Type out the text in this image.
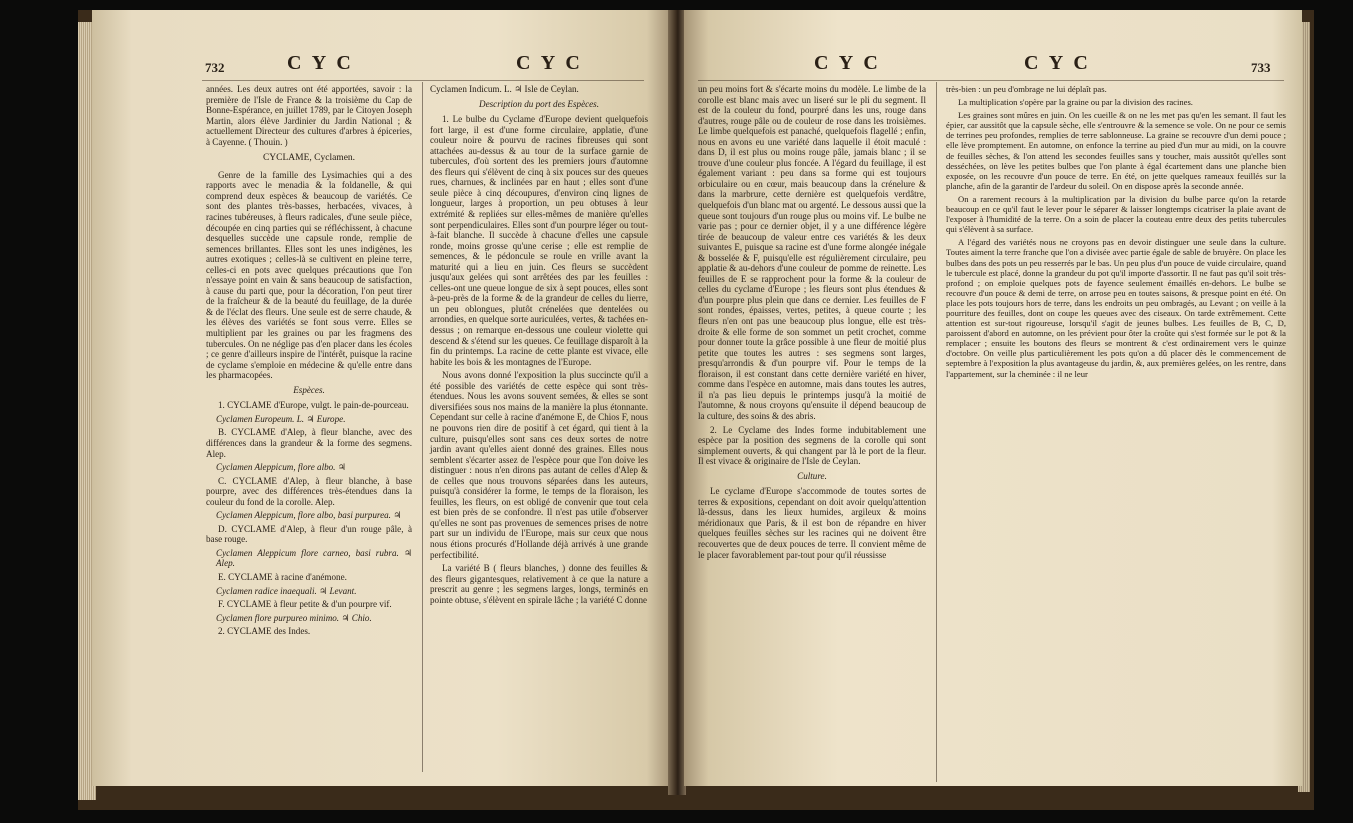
732	C Y C	C Y C

années. Les deux autres ont été apportées, savoir : la première de l'Isle de France & la troisième du Cap de Bonne-Espérance, en juillet 1789, par le Citoyen Joseph Martin, alors élève Jardinier du Jardin National ; & actuellement Directeur des cultures d'arbres à épiceries, à Cayenne. ( Thouin. )

CYCLAME, Cyclamen.

Genre de la famille des Lysimachies qui a des rapports avec le menadia & la foldanelle, & qui comprend deux espèces & beaucoup de variétés. Ce sont des plantes très-basses, herbacées, vivaces, à racines tubéreuses, à fleurs radicales, d'une seule pièce, découpée en cinq parties qui se réfléchissent, à chacune desquelles succède une capsule ronde, remplie de semences brillantes. Elles sont les unes indigènes, les autres exotiques ; celles-là se cultivent en pleine terre, celles-ci en pots avec quelques précautions que l'on n'essaye point en vain & sans beaucoup de satisfaction, à cause du parti que, pour la décoration, l'on peut tirer de la fraîcheur & de la beauté du feuillage, de la durée & de l'éclat des fleurs. Une seule est de serre chaude, & les élèves des variétés se font sous verre. Elles se multiplient par les graines ou par les fragmens des tubercules. On ne néglige pas d'en placer dans les écoles ; ce genre d'ailleurs inspire de l'intérêt, puisque la racine de cyclame s'emploie en médecine & qu'elle entre dans les pharmacopées.

Espèces.

1. CYCLAME d'Europe, vulgt. le pain-de-pourceau.

Cyclamen Europeum. L. ♃ Europe.

B. CYCLAME d'Alep, à fleur blanche, avec des différences dans la grandeur & la forme des segmens. Alep.

Cyclamen Aleppicum, flore albo. ♃

C. CYCLAME d'Alep, à fleur blanche, à base pourpre, avec des différences très-étendues dans la couleur du fond de la corolle. Alep.

Cyclamen Aleppicum, flore albo, basi purpurea. ♃

D. CYCLAME d'Alep, à fleur d'un rouge pâle, à base rouge.

Cyclamen Aleppicum flore carneo, basi rubra. ♃ Alep.

E. CYCLAME à racine d'anémone.

Cyclamen radice inaequali. ♃ Levant.

F. CYCLAME à fleur petite & d'un pourpre vif.

Cyclamen flore purpureo minimo. ♃ Chio.

2. CYCLAME des Indes.

Cyclamen Indicum. L. ♃ Isle de Ceylan.

Description du port des Espèces.

1. Le bulbe du Cyclame d'Europe devient quelquefois fort large, il est d'une forme circulaire, applatie, d'une couleur noire & pourvu de racines fibreuses qui sont attachées au-dessus & au tour de la surface garnie de tubercules, d'où sortent des les premiers jours d'automne des fleurs qui s'élèvent de cinq à six pouces sur des queues rues, charnues, & inclinées par en haut ; elles sont d'une seule pièce à cinq découpures, d'environ cinq lignes de longueur, larges à proportion, un peu obtuses à leur extrémité & repliées sur elles-mêmes de manière qu'elles sont perpendiculaires. Elles sont d'un pourpre léger ou tout-à-fait blanche. Il succède à chacune d'elles une capsule ronde, moins grosse qu'une cerise ; elle est remplie de semences, & le pédoncule se roule en vrille avant la maturité qui a lieu en juin. Ces fleurs se succèdent jusqu'aux gelées qui sont arrêtées des par les feuilles : celles-ont une queue longue de six à sept pouces, elles sont à-peu-près de la forme & de la grandeur de celles du lierre, un peu oblongues, plutôt crénelées que dentelées ou arrondies, en quelque sorte auriculées, vertes, & tachées en-dessus ; on remarque en-dessous une couleur violette qui descend & s'étend sur les queues. Ce feuillage disparoît à la fin du printemps. La racine de cette plante est vivace, elle habite les bois & les montagnes de l'Europe.

Nous avons donné l'exposition la plus succincte qu'il a été possible des variétés de cette espèce qui sont très-étendues. Nous les avons souvent semées, & elles se sont diversifiées sous nos mains de la manière la plus étonnante. Cependant sur celle à racine d'anémone E, de Chios F, nous ne pouvons rien dire de positif à cet égard, qui tient à la culture, puisqu'elles sont sans ces deux sortes de notre jardin avant qu'elles aient donné des graines. Elles nous semblent s'écarter assez de l'espèce pour que l'on doive les distinguer : nous n'en dirons pas autant de celles d'Alep & de celles que nous trouvons séparées dans les auteurs, puisqu'à considérer la forme, le temps de la floraison, les feuilles, les fleurs, on est obligé de convenir que tout cela est bien près de se confondre. Il n'est pas utile d'observer qu'elles ne sont pas provenues de semences prises de notre part sur un individu de l'Europe, mais sur ceux que nous nous étions procurés d'Hollande déjà arrivés à une grande perfectibilité.

La variété B ( fleurs blanches, ) donne des feuilles & des fleurs gigantesques, relativement à ce que la nature a prescrit au genre ; les segmens larges, longs, terminés en pointe obtuse, s'élèvent en spirale lâche ; la variété C donne

C Y C	C Y C	733

un peu moins fort & s'écarte moins du modèle. Le limbe de la corolle est blanc mais avec un liseré sur le pli du segment. Il est de la couleur du fond, pourpré dans les uns, rouge dans d'autres, rouge pâle ou de couleur de rose dans les troisièmes. Le limbe quelquefois est panaché, quelquefois flagellé ; enfin, nous en avons eu une variété dans laquelle il étoit maculé : dans D, il est plus ou moins rouge pâle, jamais blanc ; il se trouve d'une couleur plus foncée. A l'égard du feuillage, il est également variant : peu dans sa forme qui est toujours orbiculaire ou en cœur, mais beaucoup dans la crénelure & dans la marbrure, cette dernière est quelquefois verdâtre, quelquefois d'un blanc mat ou argenté. Le dessous aussi que la queue sont toujours d'un rouge plus ou moins vif. Le bulbe ne varie pas ; pour ce dernier objet, il y a une différence légère tirée de beaucoup de valeur entre ces variétés & les deux suivantes E, puisque sa racine est d'une forme alongée inégale & bosselée & F, puisqu'elle est régulièrement circulaire, peu applatie & au-dehors d'une couleur de pomme de reinette. Les feuilles de E se rapprochent pour la forme & la couleur de celles du cyclame d'Europe ; les fleurs sont plus étendues & d'un pourpre plus plein que dans ce dernier. Les feuilles de F sont rondes, épaisses, vertes, petites, à queue courte ; les fleurs n'en ont pas une beaucoup plus longue, elle est très-droite & elle forme de son sommet un petit crochet, comme pour donner toute la grâce possible à une fleur de moitié plus petite que toutes les autres : ses segmens sont larges, presqu'arrondis & d'un pourpre vif. Pour le temps de la floraison, il est constant dans cette dernière variété en hiver, comme dans l'espèce en automne, mais dans toutes les autres, il n'a pas lieu depuis le printemps jusqu'à la moitié de l'automne, & nous croyons qu'ensuite il dépend beaucoup de la culture, des soins & des abris.

2. Le Cyclame des Indes forme indubitablement une espèce par la position des segmens de la corolle qui sont simplement ouverts, & qui changent par là le port de la fleur. Il est vivace & originaire de l'Isle de Ceylan.

Culture.

Le cyclame d'Europe s'accommode de toutes sortes de terres & expositions, cependant on doit avoir quelqu'attention là-dessus, dans les lieux humides, argileux & moins méridionaux que Paris, & il est bon de répandre en hiver quelques feuilles sèches sur les racines qui ne doivent être recouvertes que de deux pouces de terre. Il convient même de le placer favorablement par-tout pour qu'il réussisse

très-bien : un peu d'ombrage ne lui déplaît pas.

La multiplication s'opère par la graine ou par la division des racines.

Les graines sont mûres en juin. On les cueille & on ne les met pas qu'en les semant. Il faut les épier, car aussitôt que la capsule sèche, elle s'entrouvre & la semence se vole. On ne pour ce semis de terrines peu profondes, remplies de terre sablonneuse. La graine se recouvre d'un demi pouce ; elle lève promptement. En automne, on enfonce la terrine au pied d'un mur au midi, on la couvre de feuilles sèches, & l'on attend les secondes feuilles sans y toucher, mais aussitôt qu'elles sont desséchées, on lève les petites bulbes que l'on plante à égal écartement dans une planche bien exposée, on les recouvre d'un pouce de terre. En été, on jette quelques rameaux feuillés sur la planche, afin de la garantir de l'ardeur du soleil. On en dispose après la seconde année.

On a rarement recours à la multiplication par la division du bulbe parce qu'on la retarde beaucoup en ce qu'il faut le lever pour le séparer & laisser longtemps cicatriser la plaie avant de l'exposer à l'humidité de la terre. On a soin de placer la couteau entre deux des petits tubercules qui s'élèvent à sa surface.

A l'égard des variétés nous ne croyons pas en devoir distinguer une seule dans la culture. Toutes aiment la terre franche que l'on a divisée avec partie égale de sable de bruyère. On place les bulbes dans des pots un peu resserrés par le bas. Un peu plus d'un pouce de vuide circulaire, quand le tubercule est placé, donne la grandeur du pot qu'il importe d'assortir. Il ne faut pas qu'il soit très-profond ; on emploie quelques pots de fayence seulement émaillés en-dehors. Le bulbe se recouvre d'un pouce & demi de terre, on arrose peu en toutes saisons, & presque point en été. On place les pots toujours hors de terre, dans les endroits un peu ombragés, au Levant ; on veille à la pourriture des feuilles, dont on coupe les queues avec des ciseaux. On tarde extrêmement. Cette attention est sur-tout rigoureuse, lorsqu'il s'agit de jeunes bulbes. Les feuilles de B, C, D, paroissent d'abord en automne, on les prévient pour ôter la croûte qui s'est formée sur le pot & la remplacer ; ensuite les boutons des fleurs se montrent & c'est ordinairement vers le quinze d'octobre. On veille plus particulièrement les pots qu'on a dû placer dès le commencement de septembre à l'exposition la plus avantageuse du jardin, &, aux premières gelées, on les rentre, dans l'appartement, sur la cheminée : il ne leur
